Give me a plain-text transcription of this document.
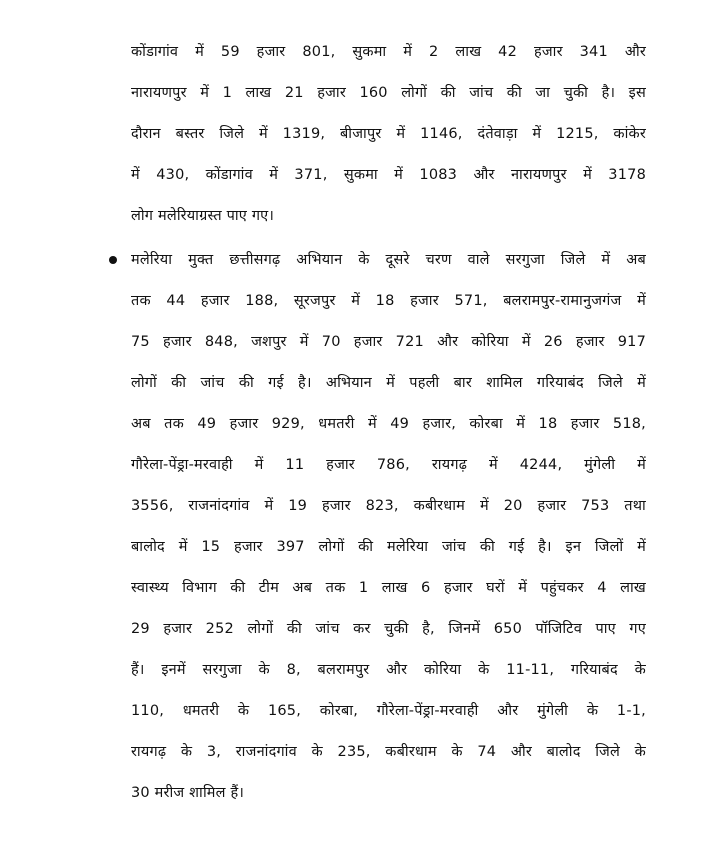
कोंडागांव में 59 हजार 801, सुकमा में 2 लाख 42 हजार 341 और
नारायणपुर में 1 लाख 21 हजार 160 लोगों की जांच की जा चुकी है। इस
दौरान बस्तर जिले में 1319, बीजापुर में 1146, दंतेवाड़ा में 1215, कांकेर
में 430, कोंडागांव में 371, सुकमा में 1083 और नारायणपुर में 3178
लोग मलेरियाग्रस्त पाए गए।
मलेरिया मुक्त छत्तीसगढ़ अभियान के दूसरे चरण वाले सरगुजा जिले में अब
तक 44 हजार 188, सूरजपुर में 18 हजार 571, बलरामपुर-रामानुजगंज में
75 हजार 848, जशपुर में 70 हजार 721 और कोरिया में 26 हजार 917
लोगों की जांच की गई है। अभियान में पहली बार शामिल गरियाबंद जिले में
अब तक 49 हजार 929, धमतरी में 49 हजार, कोरबा में 18 हजार 518,
गौरेला-पेंड्रा-मरवाही में 11 हजार 786, रायगढ़ में 4244, मुंगेली में
3556, राजनांदगांव में 19 हजार 823, कबीरधाम में 20 हजार 753 तथा
बालोद में 15 हजार 397 लोगों की मलेरिया जांच की गई है। इन जिलों में
स्वास्थ्य विभाग की टीम अब तक 1 लाख 6 हजार घरों में पहुंचकर 4 लाख
29 हजार 252 लोगों की जांच कर चुकी है, जिनमें 650 पॉजिटिव पाए गए
हैं। इनमें सरगुजा के 8, बलरामपुर और कोरिया के 11-11, गरियाबंद के
110, धमतरी के 165, कोरबा, गौरेला-पेंड्रा-मरवाही और मुंगेली के 1-1,
रायगढ़ के 3, राजनांदगांव के 235, कबीरधाम के 74 और बालोद जिले के
30 मरीज शामिल हैं।
